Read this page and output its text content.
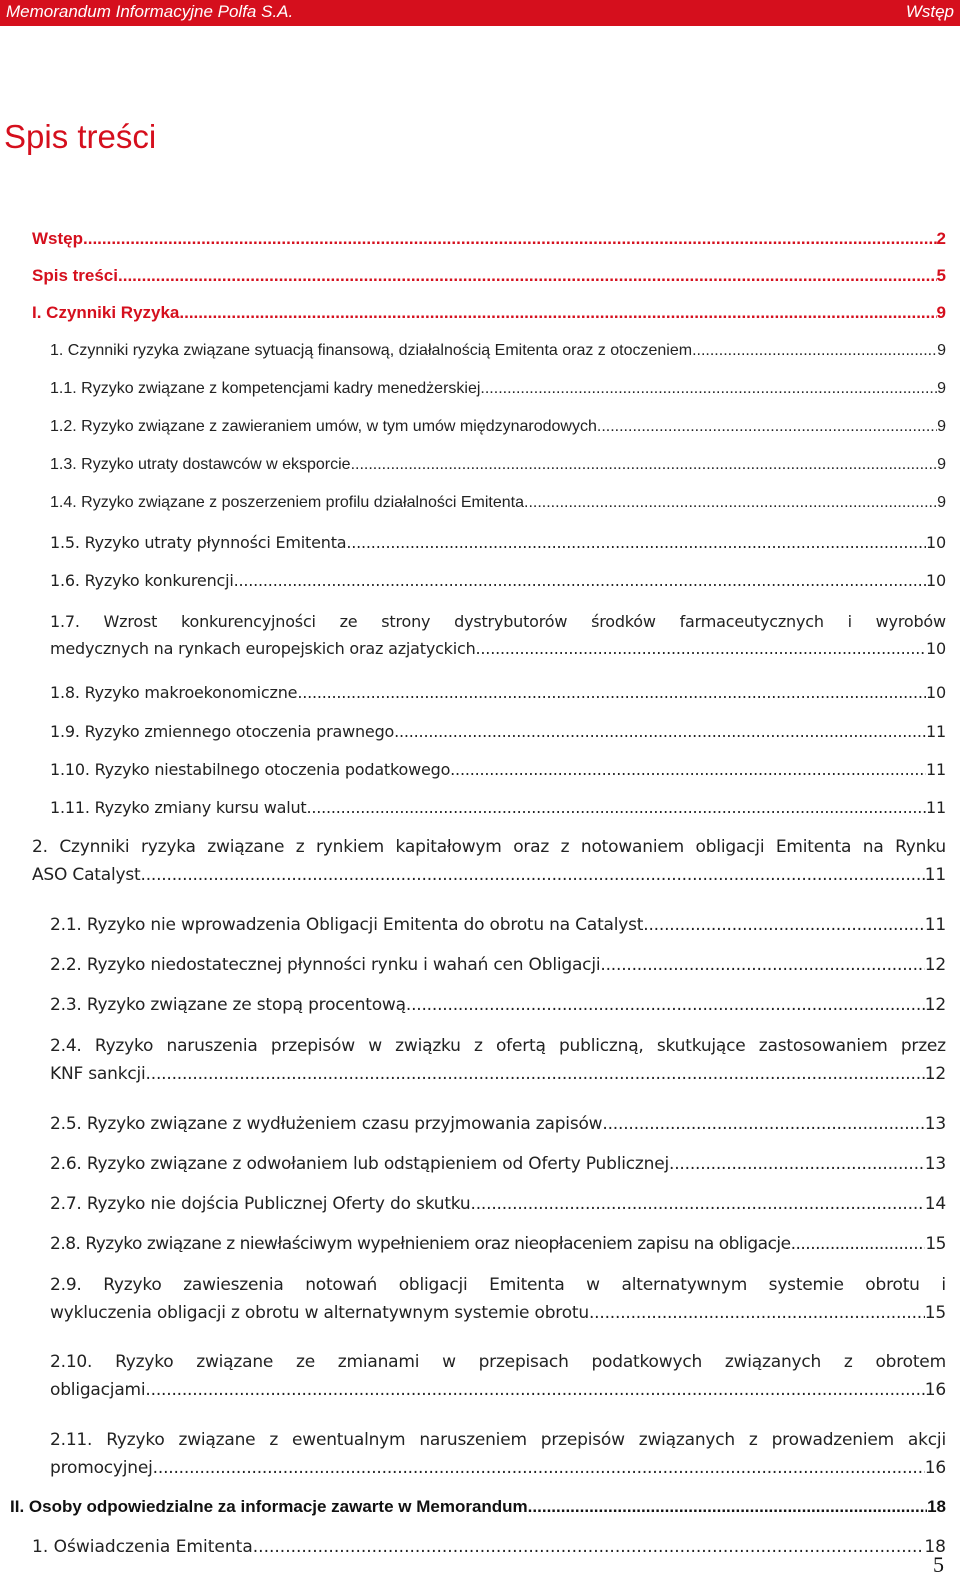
Memorandum Informacyjne Polfa S.A.	Wstęp
Spis treści
Wstęp .....	2
Spis treści .....	5
I. Czynniki Ryzyka .....	9
1. Czynniki ryzyka związane sytuacją finansową, działalnością Emitenta oraz z otoczeniem .....	9
1.1. Ryzyko związane z kompetencjami kadry menedżerskiej .....	9
1.2. Ryzyko związane z zawieraniem umów, w tym umów międzynarodowych .....	9
1.3. Ryzyko utraty dostawców w eksporcie .....	9
1.4. Ryzyko związane z poszerzeniem profilu działalności Emitenta .....	9
1.5. Ryzyko utraty płynności Emitenta .....	10
1.6. Ryzyko konkurencji .....	10
1.7. Wzrost konkurencyjności ze strony dystrybutorów środków farmaceutycznych i wyrobów
medycznych na rynkach europejskich oraz azjatyckich .....	10
1.8. Ryzyko makroekonomiczne .....	10
1.9. Ryzyko zmiennego otoczenia prawnego .....	11
1.10. Ryzyko niestabilnego otoczenia podatkowego .....	11
1.11. Ryzyko zmiany kursu walut .....	11
2. Czynniki ryzyka związane z rynkiem kapitałowym oraz z notowaniem obligacji Emitenta na Rynku
ASO Catalyst .....	11
2.1. Ryzyko nie wprowadzenia Obligacji Emitenta do obrotu na Catalyst .....	11
2.2. Ryzyko niedostatecznej płynności rynku i wahań cen Obligacji .....	12
2.3. Ryzyko związane ze stopą procentową .....	12
2.4. Ryzyko naruszenia przepisów w związku z ofertą publiczną, skutkujące zastosowaniem przez
KNF sankcji .....	12
2.5. Ryzyko związane z wydłużeniem czasu przyjmowania zapisów .....	13
2.6. Ryzyko związane z odwołaniem lub odstąpieniem od Oferty Publicznej .....	13
2.7. Ryzyko nie dojścia Publicznej Oferty do skutku .....	14
2.8. Ryzyko związane z niewłaściwym wypełnieniem oraz nieopłaceniem zapisu na obligacje .....	15
2.9. Ryzyko zawieszenia notowań obligacji Emitenta w alternatywnym systemie obrotu i
wykluczenia obligacji z obrotu w alternatywnym systemie obrotu .....	15
2.10. Ryzyko związane ze zmianami w przepisach podatkowych związanych z obrotem
obligacjami .....	16
2.11. Ryzyko związane z ewentualnym naruszeniem przepisów związanych z prowadzeniem akcji
promocyjnej .....	16
II. Osoby odpowiedzialne za informacje zawarte w Memorandum .....	18
1. Oświadczenia Emitenta .....	18
5
